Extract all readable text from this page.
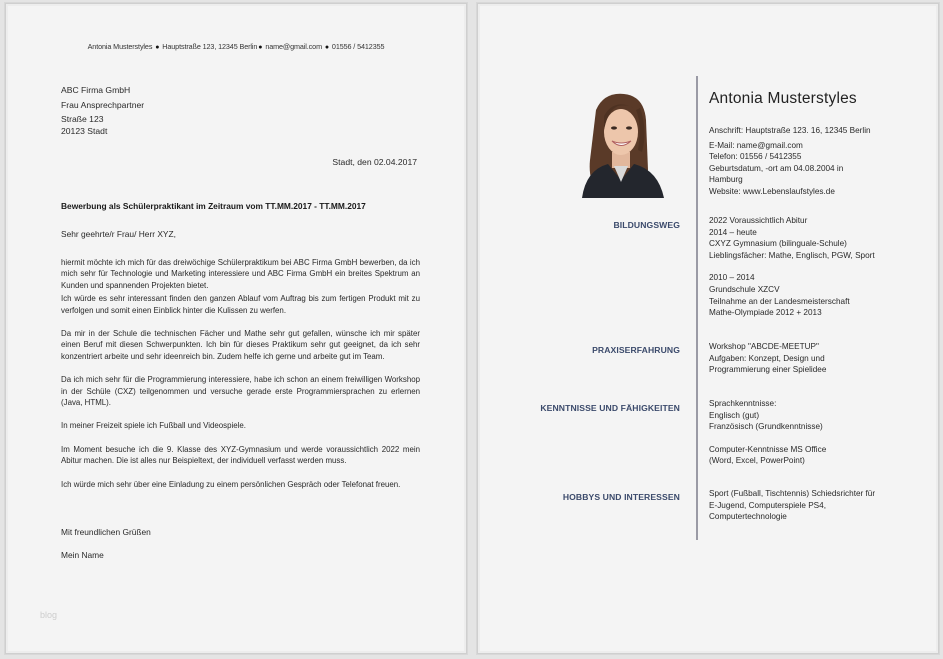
Antonia Musterstyles ● Hauptstraße 123, 12345 Berlin● name@gmail.com ● 01556 / 5412355
ABC Firma GmbH
Frau Ansprechpartner
Straße 123
20123 Stadt
Stadt, den 02.04.2017
Bewerbung als Schülerpraktikant im Zeitraum vom TT.MM.2017 - TT.MM.2017
Sehr geehrte/r Frau/ Herr XYZ,

hiermit möchte ich mich für das dreiwöchige Schülerpraktikum bei ABC Firma GmbH bewerben, da ich mich sehr für Technologie und Marketing interessiere und ABC Firma GmbH ein breites Spektrum an Kunden und spannenden Projekten bietet.

Ich würde es sehr interessant finden den ganzen Ablauf vom Auftrag bis zum fertigen Produkt mit zu verfolgen und somit einen Einblick hinter die Kulissen zu werfen.

Da mir in der Schule die technischen Fächer und Mathe sehr gut gefallen, wünsche ich mir später einen Beruf mit diesen Schwerpunkten. Ich bin für dieses Praktikum sehr gut geeignet, da ich sehr konzentriert arbeite und sehr ideenreich bin. Zudem helfe ich gerne und arbeite gut im Team.

Da ich mich sehr für die Programmierung interessiere, habe ich schon an einem freiwilligen Workshop in der Schüle (CXZ) teilgenommen und versuche gerade erste Programmiersprachen zu erlernen (Java, HTML).

In meiner Freizeit spiele ich Fußball und Videospiele.

Im Moment besuche ich die 9. Klasse des XYZ-Gymnasium und werde voraussichtlich 2022 mein Abitur machen. Die ist alles nur Beispieltext, der individuell verfasst werden muss.

Ich würde mich sehr über eine Einladung zu einem persönlichen Gespräch oder Telefonat freuen.

Mit freundlichen Grüßen
Mein Name
blog
Antonia Musterstyles
Anschrift: Hauptstraße 123. 16, 12345 Berlin
E-Mail: name@gmail.com
Telefon: 01556 / 5412355
Geburtsdatum, -ort am 04.08.2004 in
Hamburg
Website: www.Lebenslaufstyles.de
BILDUNGSWEG	2022 Voraussichtlich Abitur
2014 – heute
CXYZ Gymnasium (bilinguale-Schule)
Lieblingsfächer: Mathe, Englisch, PGW, Sport
2010 – 2014
Grundschule XZCV
Teilnahme an der Landesmeisterschaft
Mathe-Olympiade 2012 + 2013
PRAXISERFAHRUNG	Workshop "ABCDE-MEETUP"
Aufgaben: Konzept, Design und
Programmierung einer Spielidee
KENNTNISSE UND FÄHIGKEITEN	Sprachkenntnisse:
Englisch (gut)
Französisch (Grundkenntnisse)
Computer-Kenntnisse MS Office
(Word, Excel, PowerPoint)
HOBBYS UND INTERESSEN	Sport (Fußball, Tischtennis) Schiedsrichter für
E-Jugend, Computerspiele PS4,
Computertechnologie
